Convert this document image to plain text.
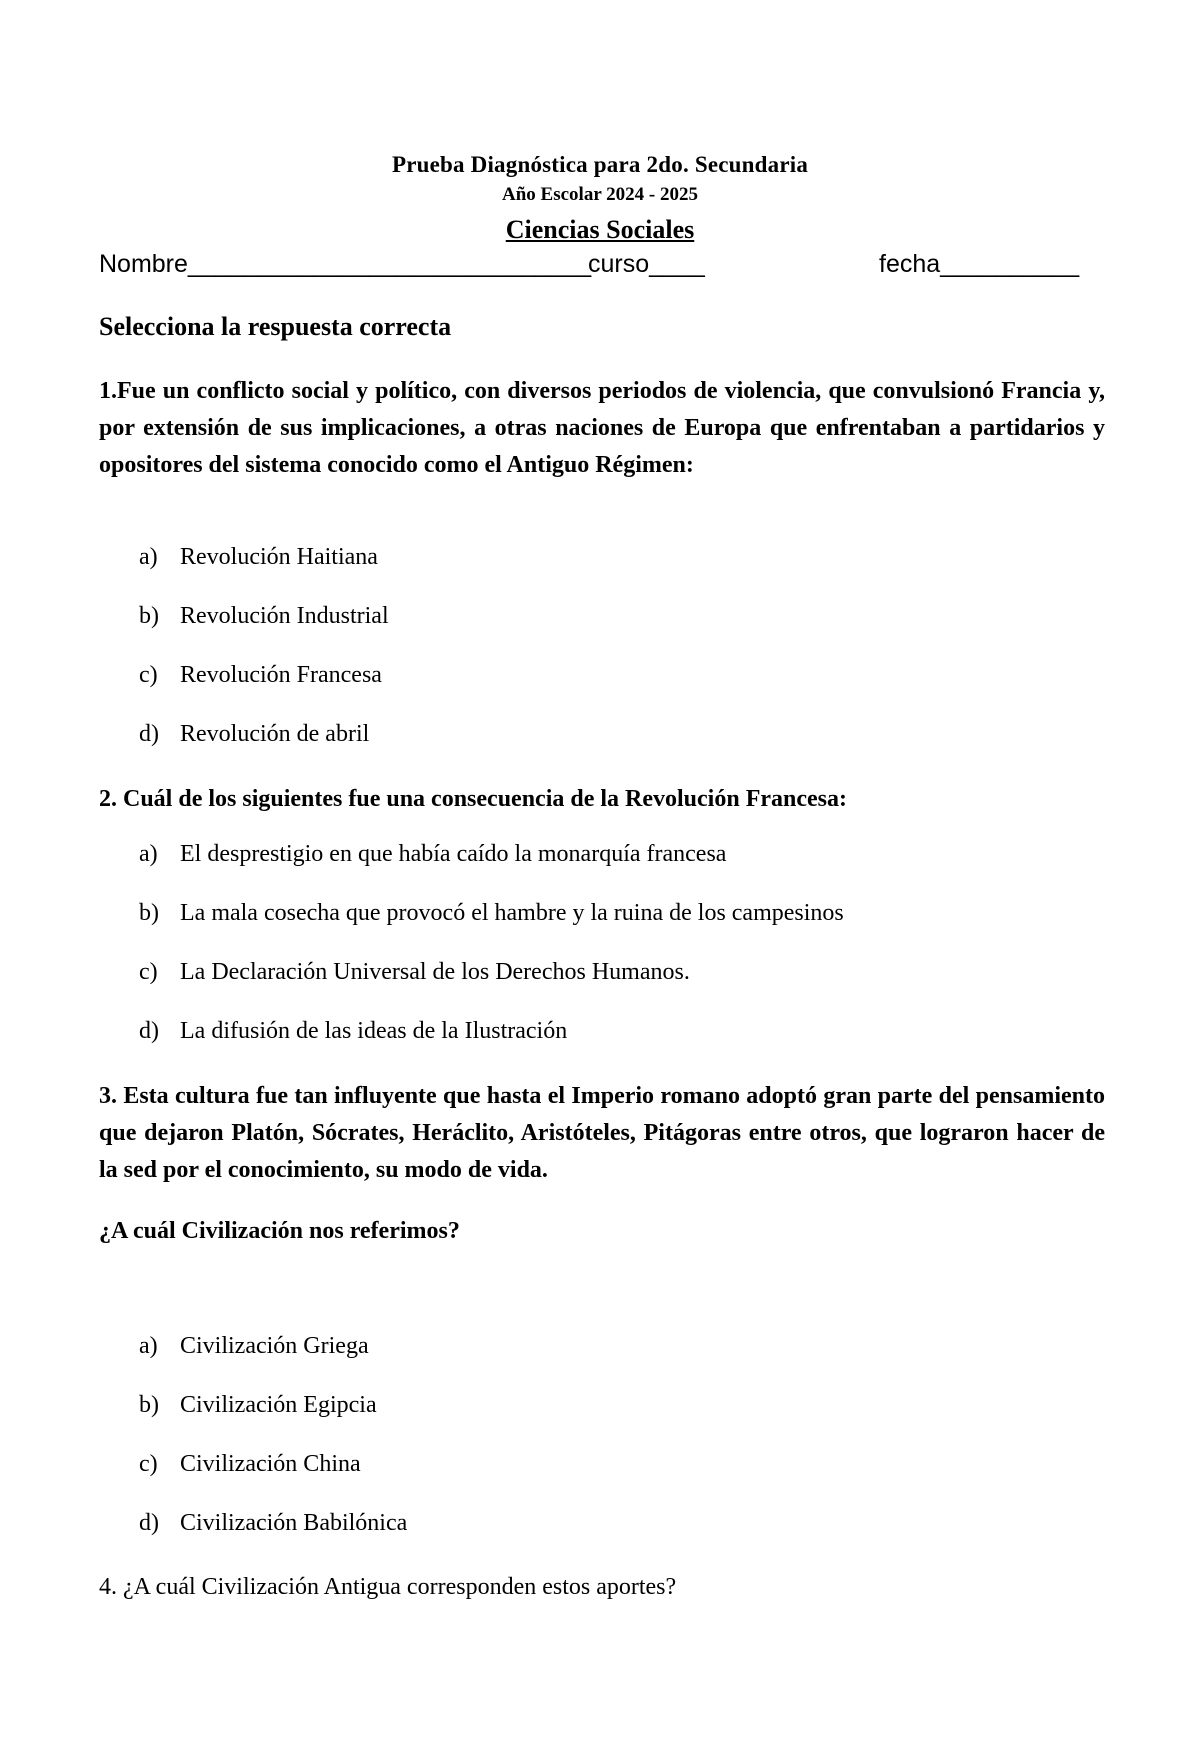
Prueba Diagnóstica para 2do. Secundaria
Año Escolar 2024 - 2025
Ciencias Sociales
Nombre_____________________________
curso____	fecha__________
Selecciona la respuesta correcta
1.Fue un conflicto social y político, con diversos periodos de violencia, que convulsionó Francia y, por extensión de sus implicaciones, a otras naciones de Europa que enfrentaban a partidarios y opositores del sistema conocido como el Antiguo Régimen:
a) Revolución Haitiana
b) Revolución Industrial
c) Revolución Francesa
d) Revolución de abril
2. Cuál de los siguientes fue una consecuencia de la Revolución Francesa:
a) El desprestigio en que había caído la monarquía francesa
b) La mala cosecha que provocó el hambre y la ruina de los campesinos
c) La Declaración Universal de los Derechos Humanos.
d) La difusión de las ideas de la Ilustración
3. Esta cultura fue tan influyente que hasta el Imperio romano adoptó gran parte del pensamiento que dejaron Platón, Sócrates, Heráclito, Aristóteles, Pitágoras entre otros, que lograron hacer de la sed por el conocimiento, su modo de vida.
¿A cuál Civilización nos referimos?
a) Civilización Griega
b) Civilización Egipcia
c) Civilización China
d) Civilización Babilónica
4. ¿A cuál Civilización Antigua corresponden estos aportes?
